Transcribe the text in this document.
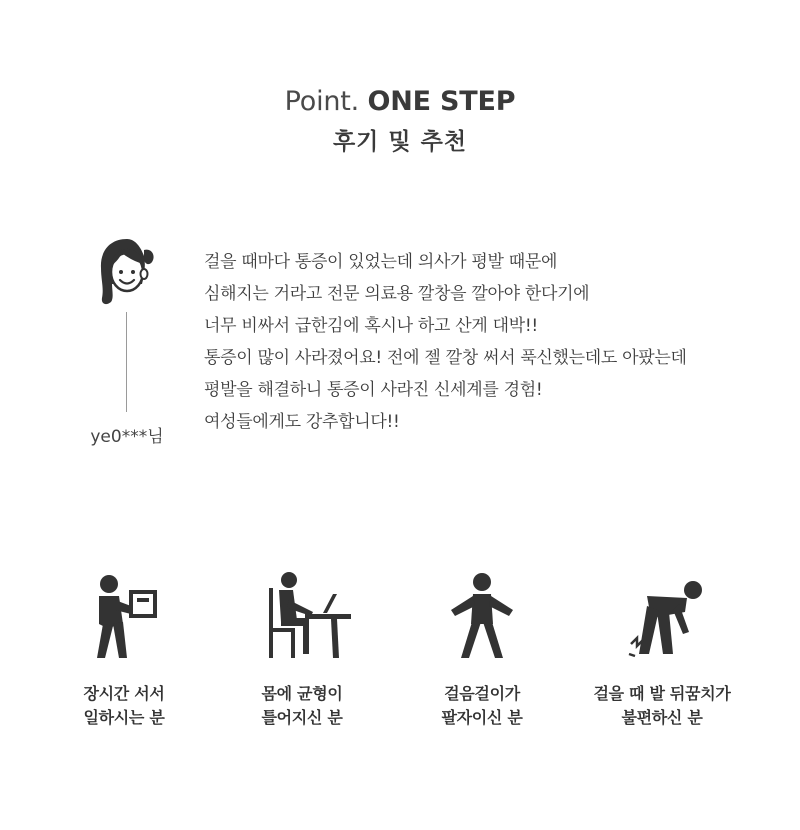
Point. ONE STEP
후기 및 추천
ye0***님
걸을 때마다 통증이 있었는데 의사가 평발 때문에
심해지는 거라고 전문 의료용 깔창을 깔아야 한다기에
너무 비싸서 급한김에 혹시나 하고 산게 대박!!
통증이 많이 사라졌어요! 전에 젤 깔창 써서 푹신했는데도 아팠는데
평발을 해결하니 통증이 사라진 신세계를 경험!
여성들에게도 강추합니다!!
장시간 서서
일하시는 분
몸에 균형이
틀어지신 분
걸음걸이가
팔자이신 분
걸을 때 발 뒤꿈치가
불편하신 분
